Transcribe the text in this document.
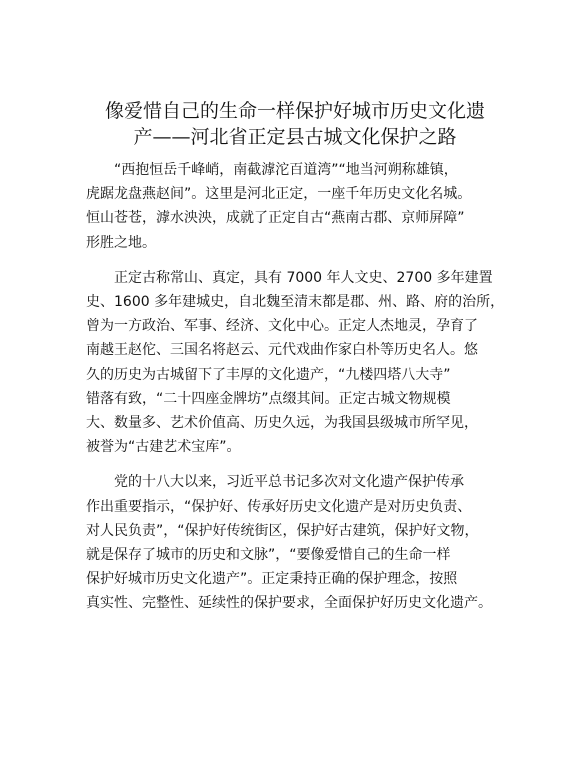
像爱惜自己的生命一样保护好城市历史文化遗
产——河北省正定县古城文化保护之路

“西抱恒岳千峰峭，南截滹沱百道湾”“地当河朔称雄镇，
虎踞龙盘燕赵间”。这里是河北正定，一座千年历史文化名城。
恒山苍苍，滹水泱泱，成就了正定自古“燕南古郡、京师屏障”
形胜之地。

正定古称常山、真定，具有 7000 年人文史、2700 多年建置
史、1600 多年建城史，自北魏至清末都是郡、州、路、府的治所，
曾为一方政治、军事、经济、文化中心。正定人杰地灵，孕育了
南越王赵佗、三国名将赵云、元代戏曲作家白朴等历史名人。悠
久的历史为古城留下了丰厚的文化遗产，“九楼四塔八大寺”
错落有致，“二十四座金牌坊”点缀其间。正定古城文物规模
大、数量多、艺术价值高、历史久远，为我国县级城市所罕见，
被誉为“古建艺术宝库”。

党的十八大以来，习近平总书记多次对文化遗产保护传承
作出重要指示，“保护好、传承好历史文化遗产是对历史负责、
对人民负责”，“保护好传统街区，保护好古建筑，保护好文物，
就是保存了城市的历史和文脉”，“要像爱惜自己的生命一样
保护好城市历史文化遗产”。正定秉持正确的保护理念，按照
真实性、完整性、延续性的保护要求，全面保护好历史文化遗产。
